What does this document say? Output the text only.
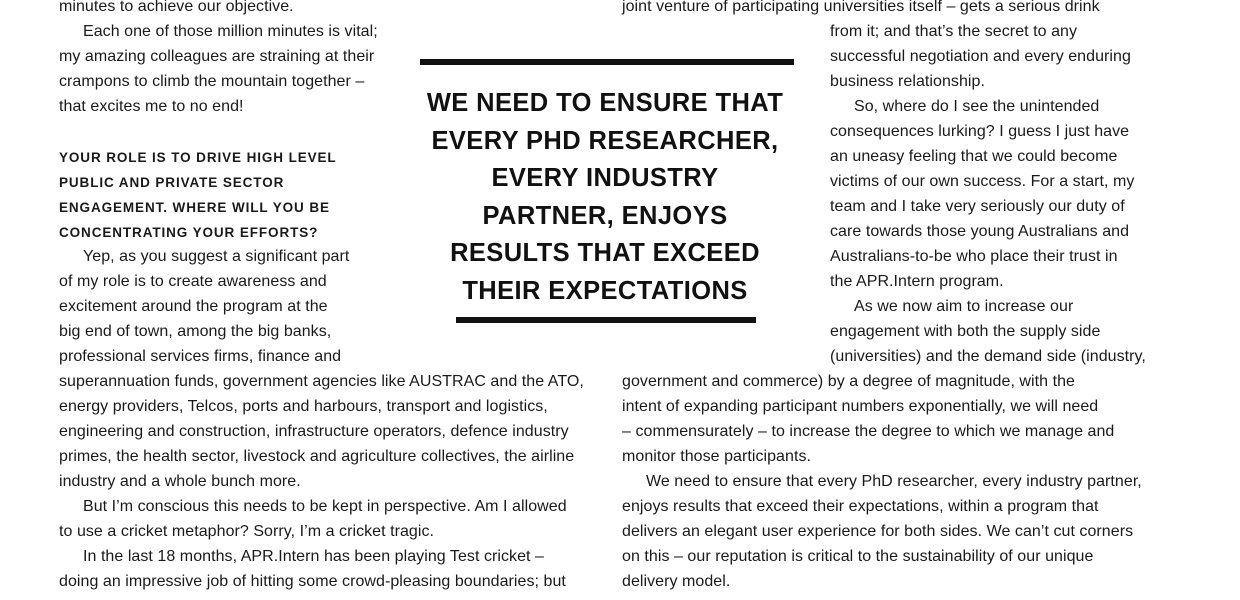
minutes to achieve our objective.
Each one of those million minutes is vital;
my amazing colleagues are straining at their
crampons to climb the mountain together –
that excites me to no end!
YOUR ROLE IS TO DRIVE HIGH LEVEL
PUBLIC AND PRIVATE SECTOR
ENGAGEMENT. WHERE WILL YOU BE
CONCENTRATING YOUR EFFORTS?
Yep, as you suggest a significant part
of my role is to create awareness and
excitement around the program at the
big end of town, among the big banks,
professional services firms, finance and
superannuation funds, government agencies like AUSTRAC and the ATO,
energy providers, Telcos, ports and harbours, transport and logistics,
engineering and construction, infrastructure operators, defence industry
primes, the health sector, livestock and agriculture collectives, the airline
industry and a whole bunch more.
But I’m conscious this needs to be kept in perspective. Am I allowed
to use a cricket metaphor? Sorry, I’m a cricket tragic.
In the last 18 months, APR.Intern has been playing Test cricket –
doing an impressive job of hitting some crowd-pleasing boundaries; but
WE NEED TO ENSURE THAT
EVERY PHD RESEARCHER,
EVERY INDUSTRY
PARTNER, ENJOYS
RESULTS THAT EXCEED
THEIR EXPECTATIONS
joint venture of participating universities itself – gets a serious drink
from it; and that’s the secret to any
successful negotiation and every enduring
business relationship.
So, where do I see the unintended
consequences lurking? I guess I just have
an uneasy feeling that we could become
victims of our own success. For a start, my
team and I take very seriously our duty of
care towards those young Australians and
Australians-to-be who place their trust in
the APR.Intern program.
As we now aim to increase our
engagement with both the supply side
(universities) and the demand side (industry,
government and commerce) by a degree of magnitude, with the
intent of expanding participant numbers exponentially, we will need
– commensurately – to increase the degree to which we manage and
monitor those participants.
We need to ensure that every PhD researcher, every industry partner,
enjoys results that exceed their expectations, within a program that
delivers an elegant user experience for both sides. We can’t cut corners
on this – our reputation is critical to the sustainability of our unique
delivery model.
